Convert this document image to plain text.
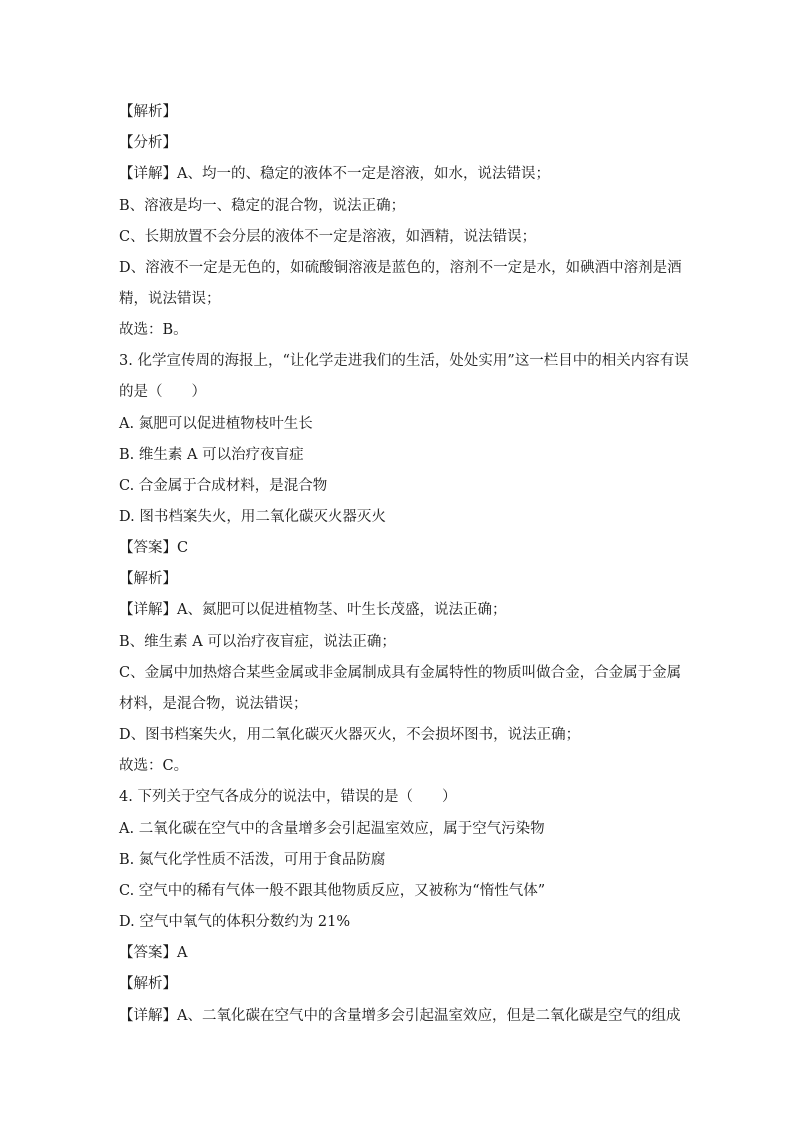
【解析】
【分析】
【详解】A、均一的、稳定的液体不一定是溶液，如水，说法错误；
B、溶液是均一、稳定的混合物，说法正确；
C、长期放置不会分层的液体不一定是溶液，如酒精，说法错误；
D、溶液不一定是无色的，如硫酸铜溶液是蓝色的，溶剂不一定是水，如碘酒中溶剂是酒
精，说法错误；
故选：B。
3. 化学宣传周的海报上，“让化学走进我们的生活，处处实用”这一栏目中的相关内容有误
的是（　　）
A. 氮肥可以促进植物枝叶生长
B. 维生素 A 可以治疗夜盲症
C. 合金属于合成材料，是混合物
D. 图书档案失火，用二氧化碳灭火器灭火
【答案】C
【解析】
【详解】A、氮肥可以促进植物茎、叶生长茂盛，说法正确；
B、维生素 A 可以治疗夜盲症，说法正确；
C、金属中加热熔合某些金属或非金属制成具有金属特性的物质叫做合金，合金属于金属
材料，是混合物，说法错误；
D、图书档案失火，用二氧化碳灭火器灭火，不会损坏图书，说法正确；
故选：C。
4. 下列关于空气各成分的说法中，错误的是（　　）
A. 二氧化碳在空气中的含量增多会引起温室效应，属于空气污染物
B. 氮气化学性质不活泼，可用于食品防腐
C. 空气中的稀有气体一般不跟其他物质反应，又被称为“惰性气体”
D. 空气中氧气的体积分数约为 21%
【答案】A
【解析】
【详解】A、二氧化碳在空气中的含量增多会引起温室效应，但是二氧化碳是空气的组成
